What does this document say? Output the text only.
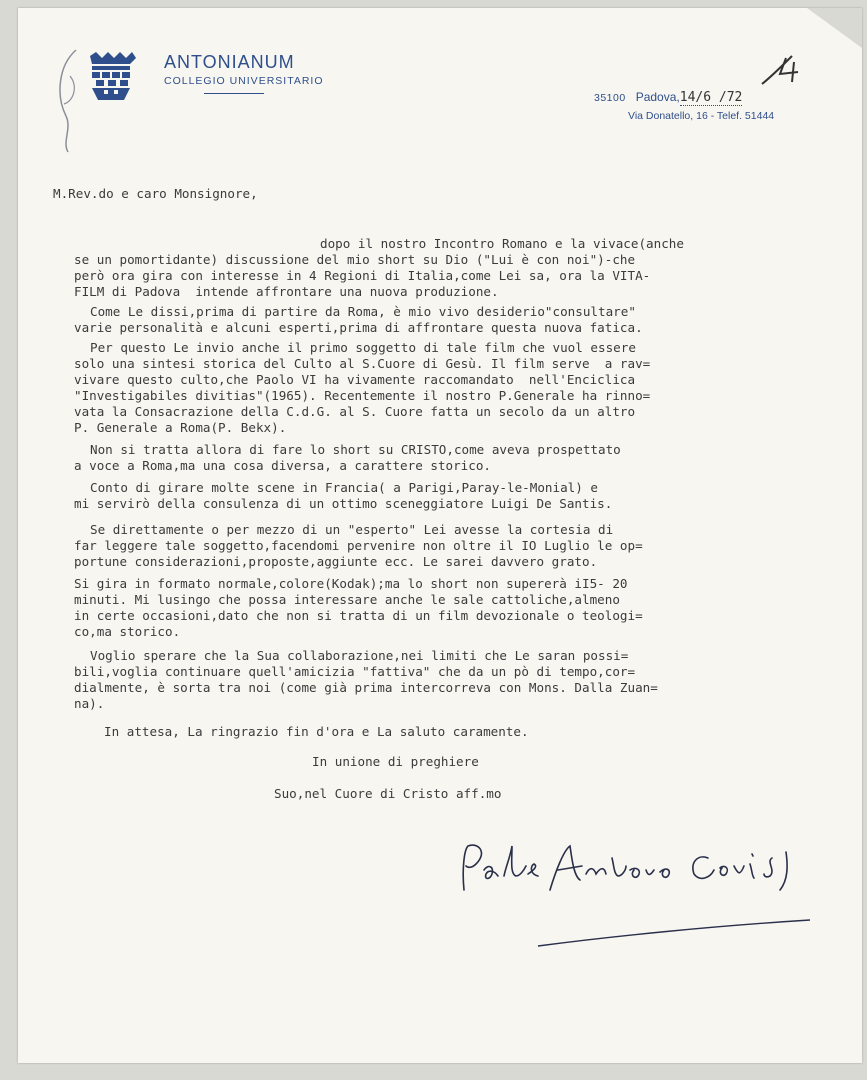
ANTONIANUM
COLLEGIO UNIVERSITARIO
35100 Padova,14/6 /72
Via Donatello, 16 - Telef. 51444
M.Rev.do e caro Monsignore,
dopo il nostro Incontro Romano e la vivace(anche
se un pomortidante) discussione del mio short su Dio ("Lui è con noi")-che
però ora gira con interesse in 4 Regioni di Italia,come Lei sa, ora la VITA-
FILM di Padova  intende affrontare una nuova produzione.
Come Le dissi,prima di partire da Roma, è mio vivo desiderio"consultare"
varie personalità e alcuni esperti,prima di affrontare questa nuova fatica.
Per questo Le invio anche il primo soggetto di tale film che vuol essere
solo una sintesi storica del Culto al S.Cuore di Gesù. Il film serve  a rav=
vivare questo culto,che Paolo VI ha vivamente raccomandato  nell'Enciclica
"Investigabiles divitias"(1965). Recentemente il nostro P.Generale ha rinno=
vata la Consacrazione della C.d.G. al S. Cuore fatta un secolo da un altro
P. Generale a Roma(P. Bekx).
Non si tratta allora di fare lo short su CRISTO,come aveva prospettato
a voce a Roma,ma una cosa diversa, a carattere storico.
Conto di girare molte scene in Francia( a Parigi,Paray-le-Monial) e
mi servirò della consulenza di un ottimo sceneggiatore Luigi De Santis.
Se direttamente o per mezzo di un "esperto" Lei avesse la cortesia di
far leggere tale soggetto,facendomi pervenire non oltre il IO Luglio le op=
portune considerazioni,proposte,aggiunte ecc. Le sarei davvero grato.
Si gira in formato normale,colore(Kodak);ma lo short non supererà iI5- 20
minuti. Mi lusingo che possa interessare anche le sale cattoliche,almeno
in certe occasioni,dato che non si tratta di un film devozionale o teologi=
co,ma storico.
Voglio sperare che la Sua collaborazione,nei limiti che Le saran possi=
bili,voglia continuare quell'amicizia "fattiva" che da un pò di tempo,cor=
dialmente, è sorta tra noi (come già prima intercorreva con Mons. Dalla Zuan=
na).
In attesa, La ringrazio fin d'ora e La saluto caramente.
In unione di preghiere
Suo,nel Cuore di Cristo aff.mo
